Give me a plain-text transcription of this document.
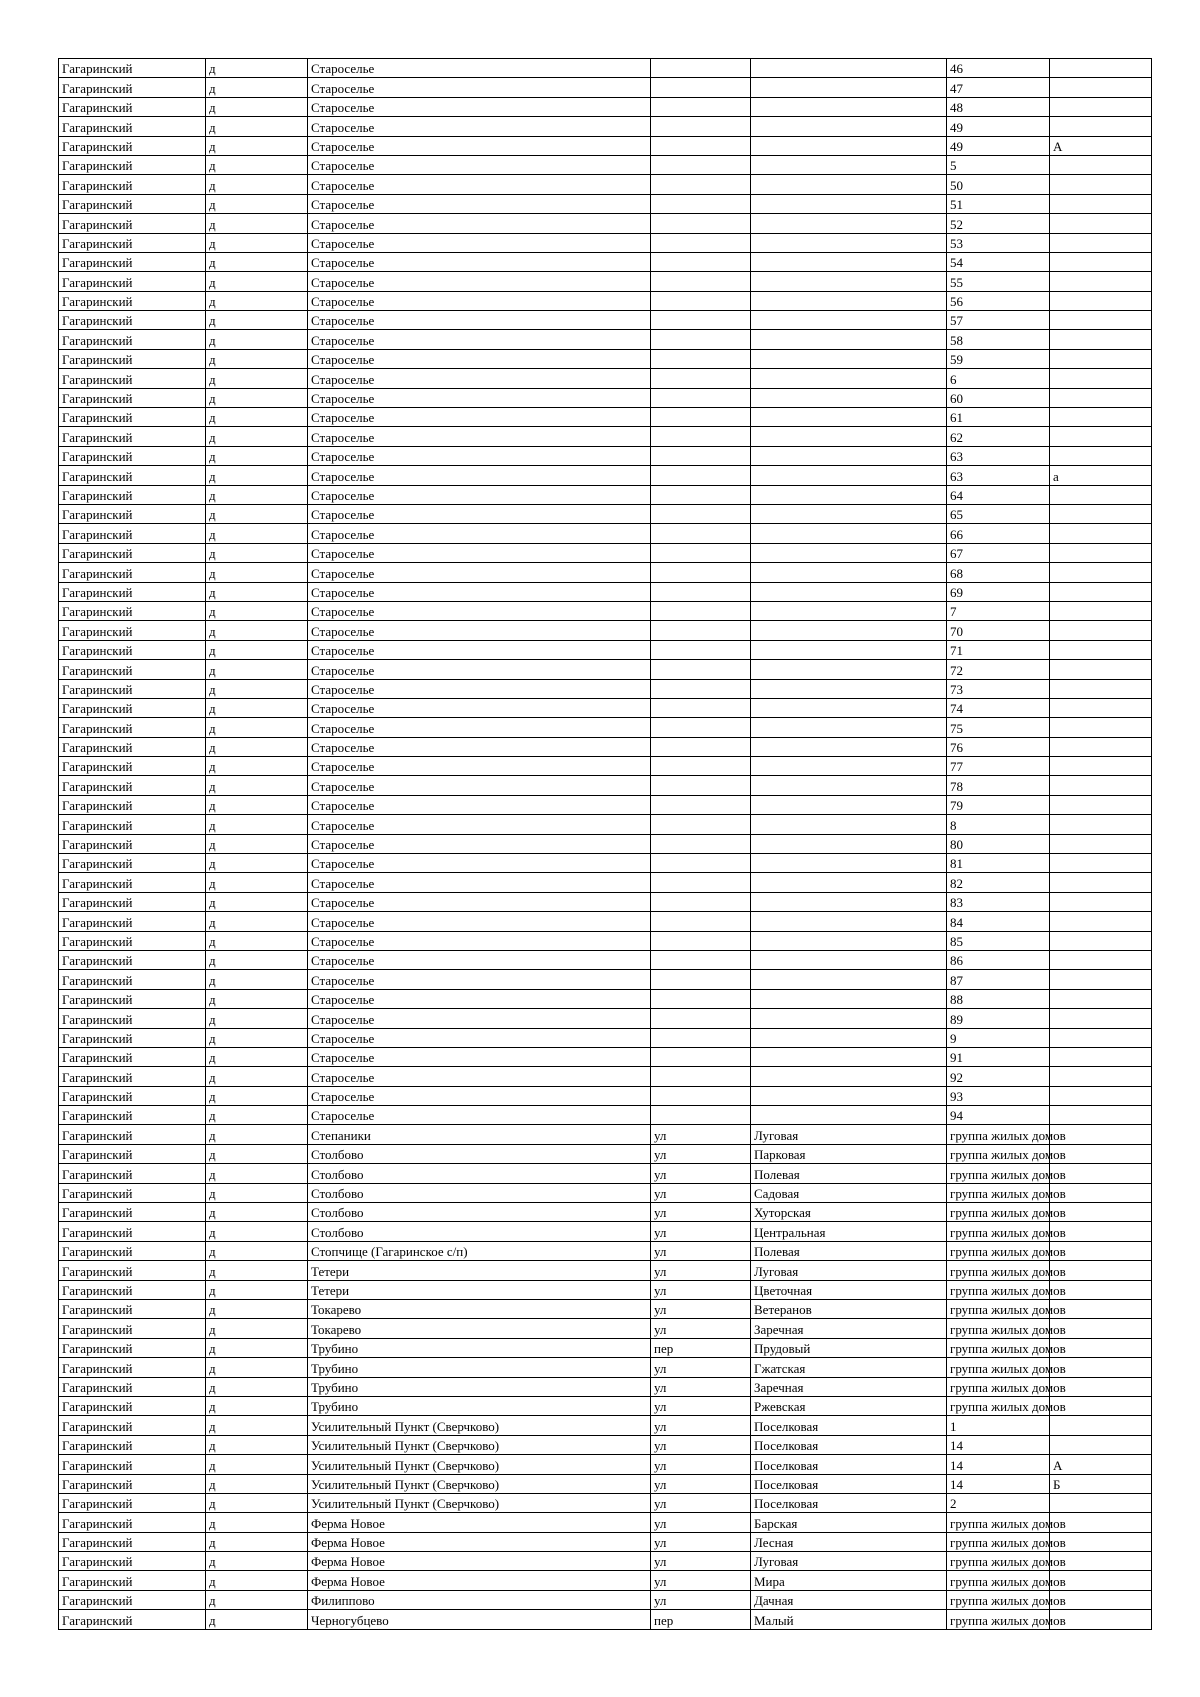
Гагаринский	д	Староселье			46	
Гагаринский	д	Староселье			47	
Гагаринский	д	Староселье			48	
Гагаринский	д	Староселье			49	
Гагаринский	д	Староселье			49	А
Гагаринский	д	Староселье			5	
Гагаринский	д	Староселье			50	
Гагаринский	д	Староселье			51	
Гагаринский	д	Староселье			52	
Гагаринский	д	Староселье			53	
Гагаринский	д	Староселье			54	
Гагаринский	д	Староселье			55	
Гагаринский	д	Староселье			56	
Гагаринский	д	Староселье			57	
Гагаринский	д	Староселье			58	
Гагаринский	д	Староселье			59	
Гагаринский	д	Староселье			6	
Гагаринский	д	Староселье			60	
Гагаринский	д	Староселье			61	
Гагаринский	д	Староселье			62	
Гагаринский	д	Староселье			63	
Гагаринский	д	Староселье			63	а
Гагаринский	д	Староселье			64	
Гагаринский	д	Староселье			65	
Гагаринский	д	Староселье			66	
Гагаринский	д	Староселье			67	
Гагаринский	д	Староселье			68	
Гагаринский	д	Староселье			69	
Гагаринский	д	Староселье			7	
Гагаринский	д	Староселье			70	
Гагаринский	д	Староселье			71	
Гагаринский	д	Староселье			72	
Гагаринский	д	Староселье			73	
Гагаринский	д	Староселье			74	
Гагаринский	д	Староселье			75	
Гагаринский	д	Староселье			76	
Гагаринский	д	Староселье			77	
Гагаринский	д	Староселье			78	
Гагаринский	д	Староселье			79	
Гагаринский	д	Староселье			8	
Гагаринский	д	Староселье			80	
Гагаринский	д	Староселье			81	
Гагаринский	д	Староселье			82	
Гагаринский	д	Староселье			83	
Гагаринский	д	Староселье			84	
Гагаринский	д	Староселье			85	
Гагаринский	д	Староселье			86	
Гагаринский	д	Староселье			87	
Гагаринский	д	Староселье			88	
Гагаринский	д	Староселье			89	
Гагаринский	д	Староселье			9	
Гагаринский	д	Староселье			91	
Гагаринский	д	Староселье			92	
Гагаринский	д	Староселье			93	
Гагаринский	д	Староселье			94	
Гагаринский	д	Степаники	ул	Луговая	группа жилых домов	
Гагаринский	д	Столбово	ул	Парковая	группа жилых домов	
Гагаринский	д	Столбово	ул	Полевая	группа жилых домов	
Гагаринский	д	Столбово	ул	Садовая	группа жилых домов	
Гагаринский	д	Столбово	ул	Хуторская	группа жилых домов	
Гагаринский	д	Столбово	ул	Центральная	группа жилых домов	
Гагаринский	д	Стопчище (Гагаринское с/п)	ул	Полевая	группа жилых домов	
Гагаринский	д	Тетери	ул	Луговая	группа жилых домов	
Гагаринский	д	Тетери	ул	Цветочная	группа жилых домов	
Гагаринский	д	Токарево	ул	Ветеранов	группа жилых домов	
Гагаринский	д	Токарево	ул	Заречная	группа жилых домов	
Гагаринский	д	Трубино	пер	Прудовый	группа жилых домов	
Гагаринский	д	Трубино	ул	Гжатская	группа жилых домов	
Гагаринский	д	Трубино	ул	Заречная	группа жилых домов	
Гагаринский	д	Трубино	ул	Ржевская	группа жилых домов	
Гагаринский	д	Усилительный Пункт (Сверчково)	ул	Поселковая	1	
Гагаринский	д	Усилительный Пункт (Сверчково)	ул	Поселковая	14	
Гагаринский	д	Усилительный Пункт (Сверчково)	ул	Поселковая	14	А
Гагаринский	д	Усилительный Пункт (Сверчково)	ул	Поселковая	14	Б
Гагаринский	д	Усилительный Пункт (Сверчково)	ул	Поселковая	2	
Гагаринский	д	Ферма Новое	ул	Барская	группа жилых домов	
Гагаринский	д	Ферма Новое	ул	Лесная	группа жилых домов	
Гагаринский	д	Ферма Новое	ул	Луговая	группа жилых домов	
Гагаринский	д	Ферма Новое	ул	Мира	группа жилых домов	
Гагаринский	д	Филиппово	ул	Дачная	группа жилых домов	
Гагаринский	д	Черногубцево	пер	Малый	группа жилых домов	
